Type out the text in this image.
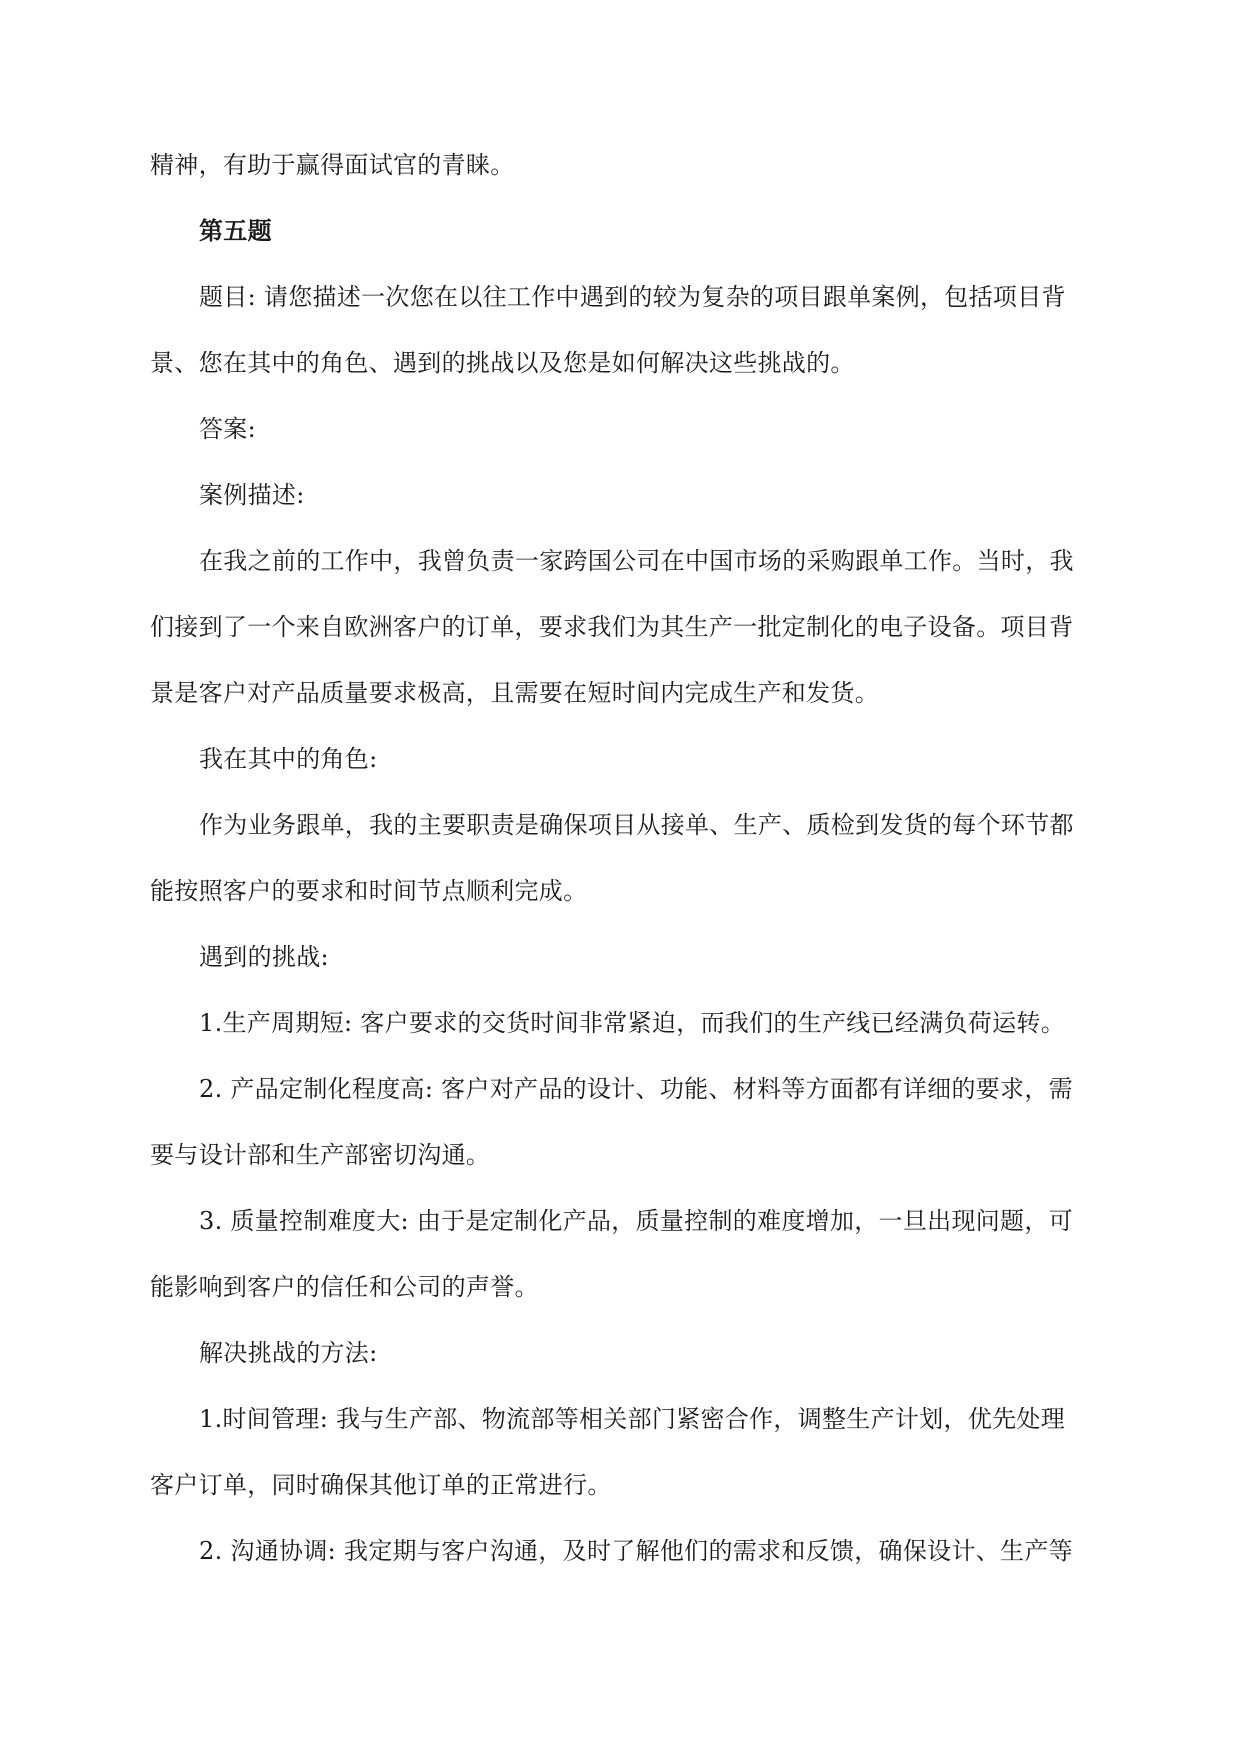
精神，有助于赢得面试官的青睐。
第五题
题目: 请您描述一次您在以往工作中遇到的较为复杂的项目跟单案例，包括项目背
景、您在其中的角色、遇到的挑战以及您是如何解决这些挑战的。
答案:
案例描述:
在我之前的工作中，我曾负责一家跨国公司在中国市场的采购跟单工作。当时，我
们接到了一个来自欧洲客户的订单，要求我们为其生产一批定制化的电子设备。项目背
景是客户对产品质量要求极高，且需要在短时间内完成生产和发货。
我在其中的角色:
作为业务跟单，我的主要职责是确保项目从接单、生产、质检到发货的每个环节都
能按照客户的要求和时间节点顺利完成。
遇到的挑战:
1.生产周期短: 客户要求的交货时间非常紧迫，而我们的生产线已经满负荷运转。
2. 产品定制化程度高: 客户对产品的设计、功能、材料等方面都有详细的要求，需
要与设计部和生产部密切沟通。
3. 质量控制难度大: 由于是定制化产品，质量控制的难度增加，一旦出现问题，可
能影响到客户的信任和公司的声誉。
解决挑战的方法:
1.时间管理: 我与生产部、物流部等相关部门紧密合作，调整生产计划，优先处理
客户订单，同时确保其他订单的正常进行。
2. 沟通协调: 我定期与客户沟通，及时了解他们的需求和反馈，确保设计、生产等
